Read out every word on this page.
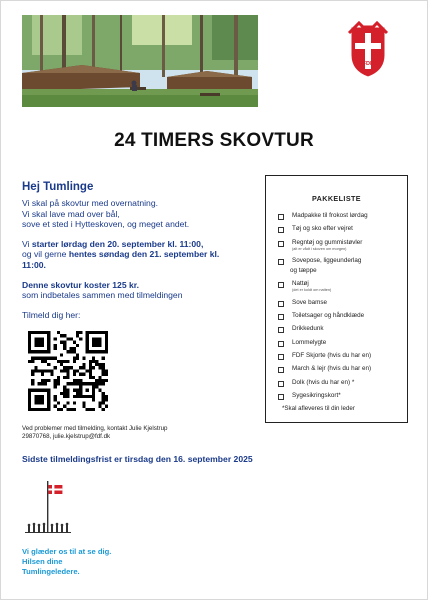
FDF
24 TIMERS SKOVTUR
Hej Tumlinge

Vi skal på skovtur med overnatning.

Vi skal lave mad over bål,

sove et sted i Hytteskoven, og meget andet.

Vi starter lørdag den 20. september kl. 11:00,

og vil gerne hentes søndag den 21. september kl.

11:00.

Denne skovtur koster 125 kr.

som indbetales sammen med tilmeldingen

Tilmeld dig her:

Ved problemer med tilmelding, kontakt Julie Kjelstrup
29870768, julie.kjelstrup@fdf.dk
Sidste tilmeldingsfrist er tirsdag den 16. september 2025
Vi glæder os til at se dig.
Hilsen dine
Tumlingeledere.
PAKKELISTE
Madpakke til frokost lørdag
Tøj og sko efter vejret
Regntøj og gummistøvler
(alt er vådt i skoven om morgen)
Sovepose, liggeunderlag
og tæppe
Nattøj
(det er koldt om natten)
Sove bamse
Toiletsager og håndklæde
Drikkedunk
Lommelygte
FDF Skjorte (hvis du har en)
March & lejr (hvis du har en)
Dolk (hvis du har en) *
Sygesikringskort*
*Skal afleveres til din leder
